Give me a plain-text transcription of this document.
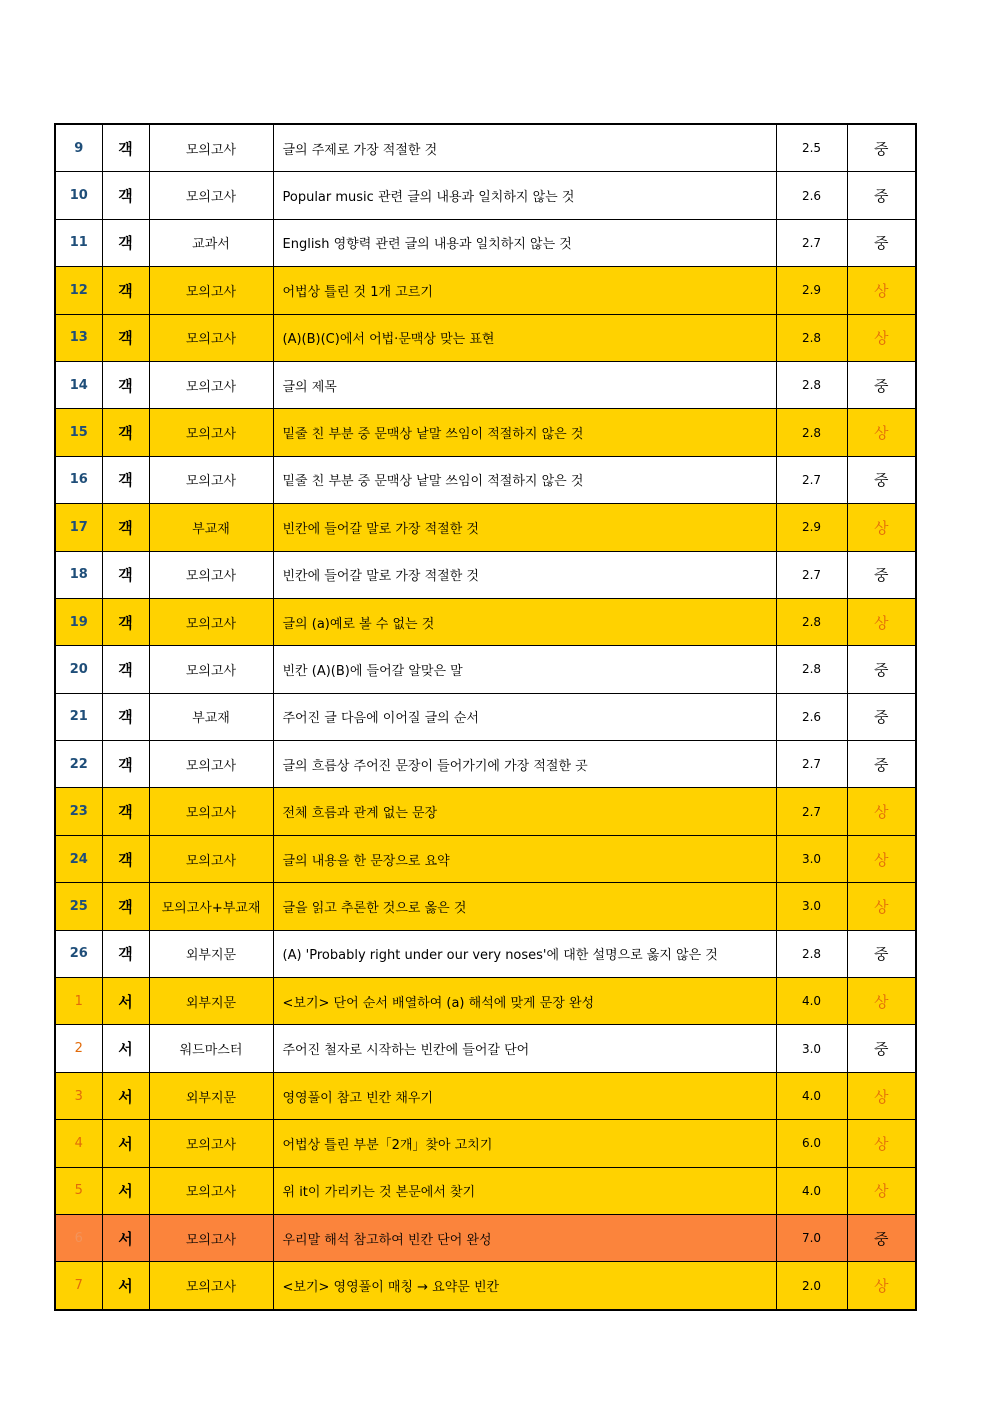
9	객	모의고사	글의 주제로 가장 적절한 것	2.5	중
10	객	모의고사	Popular music 관련 글의 내용과 일치하지 않는 것	2.6	중
11	객	교과서	English 영향력 관련 글의 내용과 일치하지 않는 것	2.7	중
12	객	모의고사	어법상 틀린 것 1개 고르기	2.9	상
13	객	모의고사	(A)(B)(C)에서 어법·문맥상 맞는 표현	2.8	상
14	객	모의고사	글의 제목	2.8	중
15	객	모의고사	밑줄 친 부분 중 문맥상 낱말 쓰임이 적절하지 않은 것	2.8	상
16	객	모의고사	밑줄 친 부분 중 문맥상 낱말 쓰임이 적절하지 않은 것	2.7	중
17	객	부교재	빈칸에 들어갈 말로 가장 적절한 것	2.9	상
18	객	모의고사	빈칸에 들어갈 말로 가장 적절한 것	2.7	중
19	객	모의고사	글의 (a)예로 볼 수 없는 것	2.8	상
20	객	모의고사	빈칸 (A)(B)에 들어갈 알맞은 말	2.8	중
21	객	부교재	주어진 글 다음에 이어질 글의 순서	2.6	중
22	객	모의고사	글의 흐름상 주어진 문장이 들어가기에 가장 적절한 곳	2.7	중
23	객	모의고사	전체 흐름과 관계 없는 문장	2.7	상
24	객	모의고사	글의 내용을 한 문장으로 요약	3.0	상
25	객	모의고사+부교재	글을 읽고 추론한 것으로 옳은 것	3.0	상
26	객	외부지문	(A) 'Probably right under our very noses'에 대한 설명으로 옳지 않은 것	2.8	중
1	서	외부지문	<보기> 단어 순서 배열하여 (a) 해석에 맞게 문장 완성	4.0	상
2	서	워드마스터	주어진 철자로 시작하는 빈칸에 들어갈 단어	3.0	중
3	서	외부지문	영영풀이 참고 빈칸 채우기	4.0	상
4	서	모의고사	어법상 틀린 부분「2개」찾아 고치기	6.0	상
5	서	모의고사	위 it이 가리키는 것 본문에서 찾기	4.0	상
6	서	모의고사	우리말 해석 참고하여 빈칸 단어 완성	7.0	중
7	서	모의고사	<보기> 영영풀이 매칭 → 요약문 빈칸	2.0	상
